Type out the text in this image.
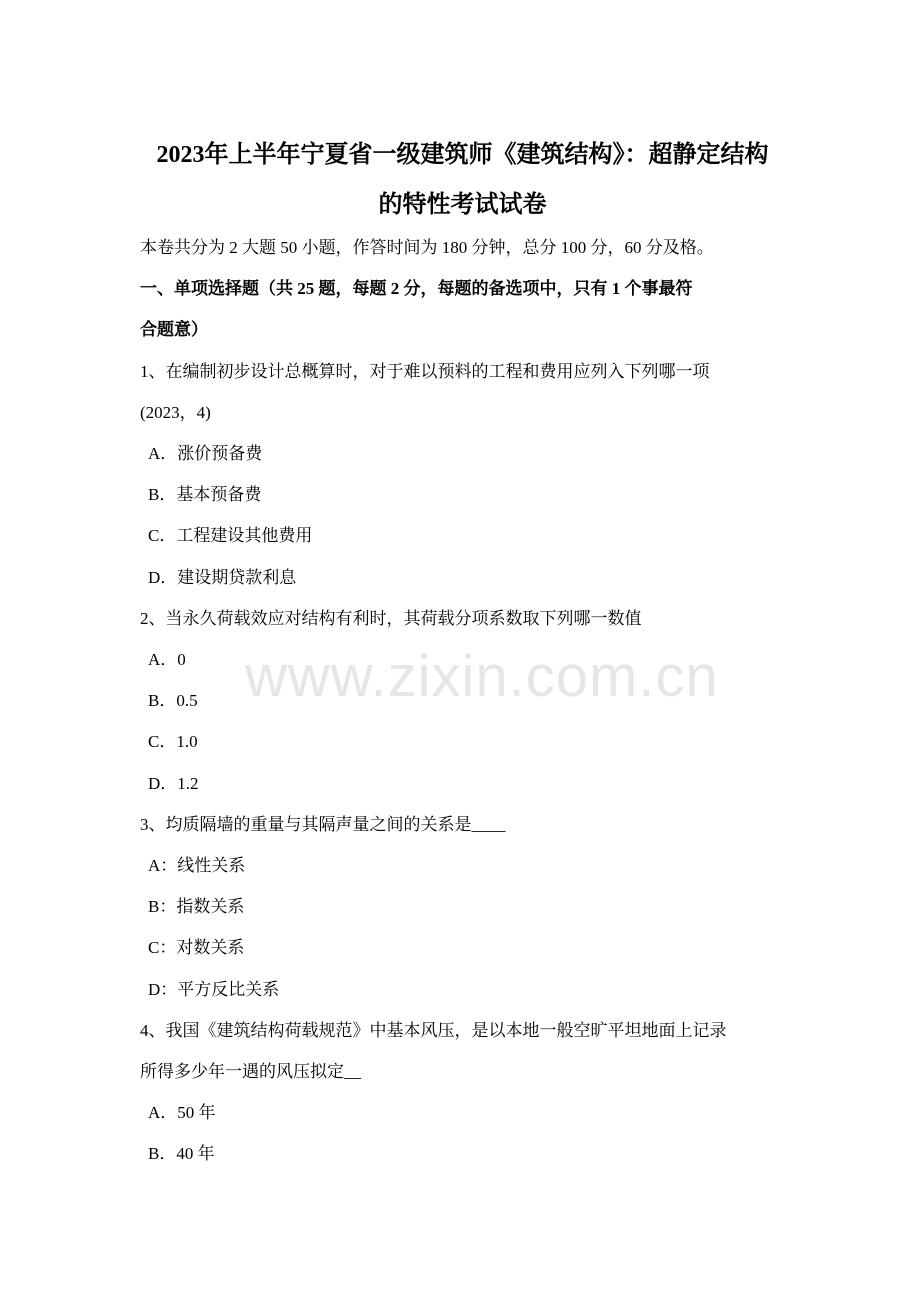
www.zixin.com.cn
2023年上半年宁夏省一级建筑师《建筑结构》：超静定结构
的特性考试试卷
本卷共分为 2 大题 50 小题，作答时间为 180 分钟，总分 100 分，60 分及格。
一、单项选择题（共 25 题，每题 2 分，每题的备选项中，只有 1 个事最符
合题意）
1、在编制初步设计总概算时，对于难以预料的工程和费用应列入下列哪一项
(2023，4)
A．涨价预备费
B．基本预备费
C．工程建设其他费用
D．建设期贷款利息
2、当永久荷载效应对结构有利时，其荷载分项系数取下列哪一数值
A．0
B．0.5
C．1.0
D．1.2
3、均质隔墙的重量与其隔声量之间的关系是____
A：线性关系
B：指数关系
C：对数关系
D：平方反比关系
4、我国《建筑结构荷载规范》中基本风压，是以本地一般空旷平坦地面上记录
所得多少年一遇的风压拟定__
A．50 年
B．40 年
